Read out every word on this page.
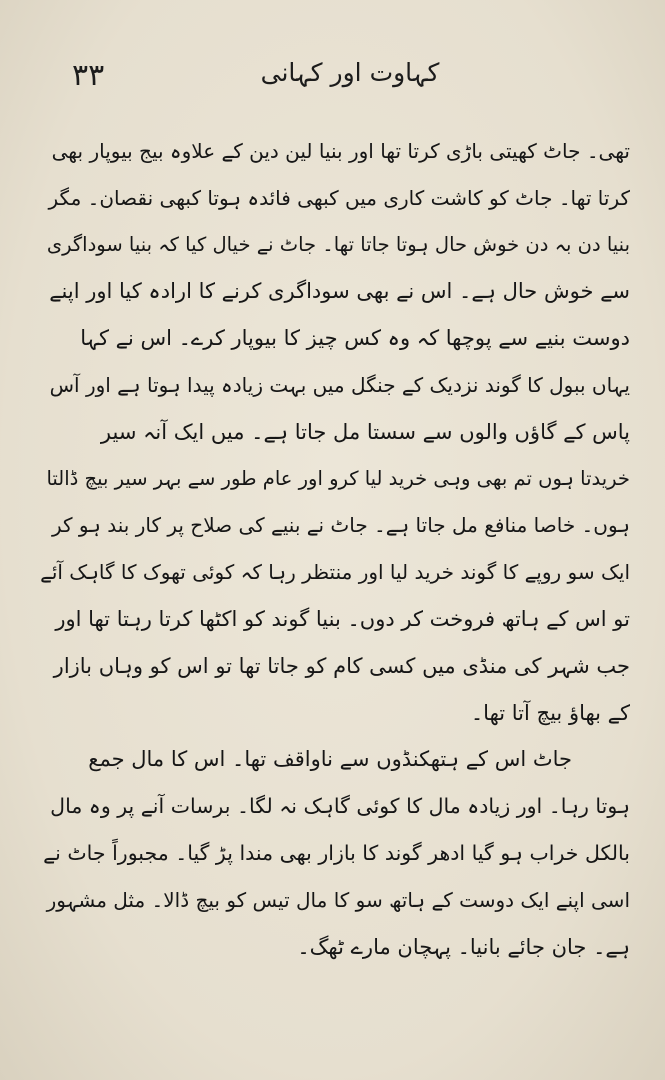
۳۳	کہاوت اور کہانی
تھی۔ جاٹ کھیتی باڑی کرتا تھا اور بنیا لین دین کے علاوہ بیج بیوپار بھی
کرتا تھا۔ جاٹ کو کاشت کاری میں کبھی فائدہ ہوتا کبھی نقصان۔ مگر
بنیا دن بہ دن خوش حال ہوتا جاتا تھا۔ جاٹ نے خیال کیا کہ بنیا سوداگری
سے خوش حال ہے۔ اس نے بھی سوداگری کرنے کا ارادہ کیا اور اپنے
دوست بنیے سے پوچھا کہ وہ کس چیز کا بیوپار کرے۔ اس نے کہا
یہاں ببول کا گوند نزدیک کے جنگل میں بہت زیادہ پیدا ہوتا ہے اور آس
پاس کے گاؤں والوں سے سستا مل جاتا ہے۔ میں ایک آنہ سیر
خریدتا ہوں تم بھی وہی خرید لیا کرو اور عام طور سے بہر سیر بیچ ڈالتا
ہوں۔ خاصا منافع مل جاتا ہے۔ جاٹ نے بنیے کی صلاح پر کار بند ہو کر
ایک سو روپے کا گوند خرید لیا اور منتظر رہا کہ کوئی تھوک کا گاہک آئے
تو اس کے ہاتھ فروخت کر دوں۔ بنیا گوند کو اکٹھا کرتا رہتا تھا اور
جب شہر کی منڈی میں کسی کام کو جاتا تھا تو اس کو وہاں بازار
کے بھاؤ بیچ آتا تھا۔
جاٹ اس کے ہتھکنڈوں سے ناواقف تھا۔ اس کا مال جمع
ہوتا رہا۔ اور زیادہ مال کا کوئی گاہک نہ لگا۔ برسات آنے پر وہ مال
بالکل خراب ہو گیا ادھر گوند کا بازار بھی مندا پڑ گیا۔ مجبوراً جاٹ نے
اسی اپنے ایک دوست کے ہاتھ سو کا مال تیس کو بیچ ڈالا۔ مثل مشہور
ہے۔ جان جائے بانیا۔ پہچان مارے ٹھگ۔
